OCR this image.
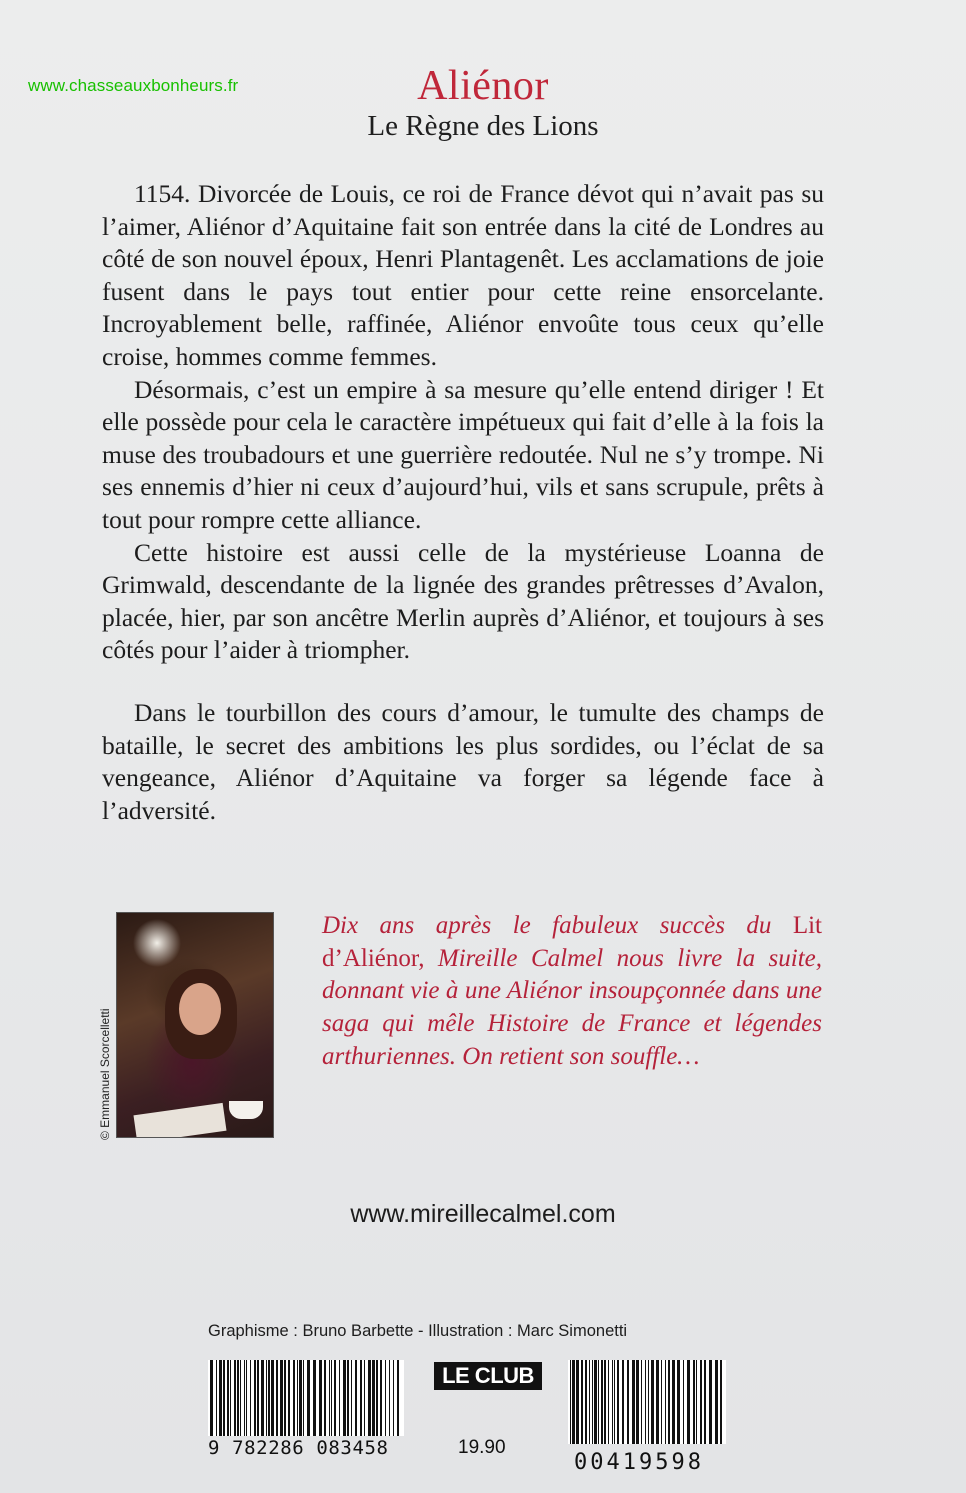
www.chasseauxbonheurs.fr	Aliénor
Le Règne des Lions

1154. Divorcée de Louis, ce roi de France dévot qui n’avait pas su l’aimer, Aliénor d’Aquitaine fait son entrée dans la cité de Londres au côté de son nouvel époux, Henri Plantagenêt. Les acclamations de joie fusent dans le pays tout entier pour cette reine ensorcelante. Incroyablement belle, raffinée, Aliénor envoûte tous ceux qu’elle croise, hommes comme femmes.

Désormais, c’est un empire à sa mesure qu’elle entend diriger ! Et elle possède pour cela le caractère impétueux qui fait d’elle à la fois la muse des troubadours et une guerrière redoutée. Nul ne s’y trompe. Ni ses ennemis d’hier ni ceux d’aujourd’hui, vils et sans scrupule, prêts à tout pour rompre cette alliance.

Cette histoire est aussi celle de la mystérieuse Loanna de Grimwald, descendante de la lignée des grandes prêtresses d’Avalon, placée, hier, par son ancêtre Merlin auprès d’Aliénor, et toujours à ses côtés pour l’aider à triompher.

Dans le tourbillon des cours d’amour, le tumulte des champs de bataille, le secret des ambitions les plus sordides, ou l’éclat de sa vengeance, Aliénor d’Aquitaine va forger sa légende face à l’adversité.

© Emmanuel Scorcelletti
Dix ans après le fabuleux succès du Lit d’Aliénor, Mireille Calmel nous livre la suite, donnant vie à une Aliénor insoupçonnée dans une saga qui mêle Histoire de France et légendes arthuriennes. On retient son souffle…
www.mireillecalmel.com
Graphisme : Bruno Barbette - Illustration : Marc Simonetti
9 782286 083458
LE CLUB
19.90
00419598
